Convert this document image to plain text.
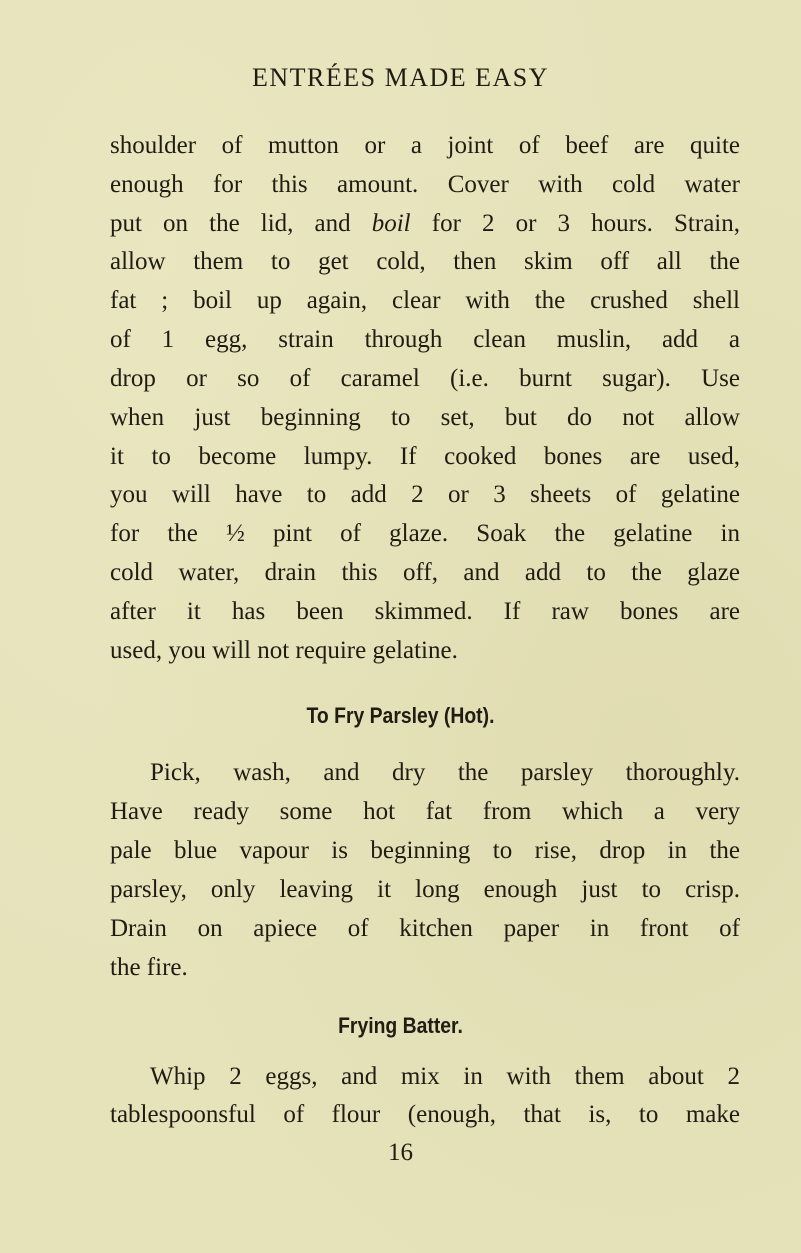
ENTRÉES MADE EASY
shoulder of mutton or a joint of beef are quite
enough for this amount. Cover with cold water
put on the lid, and boil for 2 or 3 hours. Strain,
allow them to get cold, then skim off all the
fat ; boil up again, clear with the crushed shell
of 1 egg, strain through clean muslin, add a
drop or so of caramel (i.e. burnt sugar). Use
when just beginning to set, but do not allow
it to become lumpy. If cooked bones are used,
you will have to add 2 or 3 sheets of gelatine
for the ½ pint of glaze. Soak the gelatine in
cold water, drain this off, and add to the glaze
after it has been skimmed. If raw bones are
used, you will not require gelatine.
To Fry Parsley (Hot).
Pick, wash, and dry the parsley thoroughly.
Have ready some hot fat from which a very
pale blue vapour is beginning to rise, drop in the
parsley, only leaving it long enough just to crisp.
Drain on apiece of kitchen paper in front of
the fire.
Frying Batter.
Whip 2 eggs, and mix in with them about 2
tablespoonsful of flour (enough, that is, to make
16
